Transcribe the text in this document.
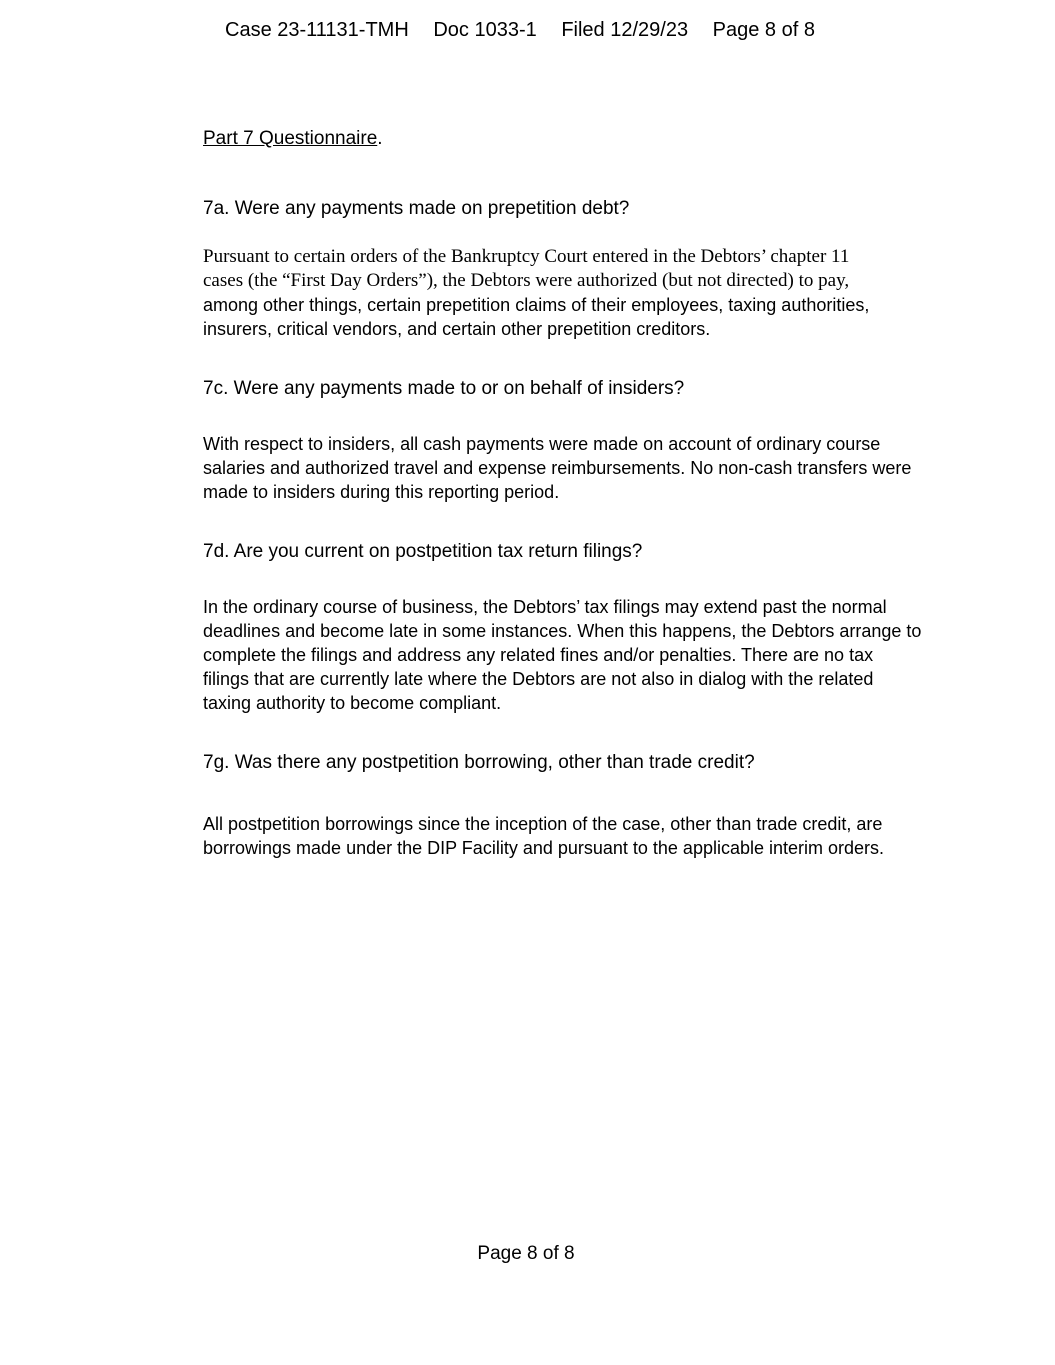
Case 23-11131-TMH Doc 1033-1 Filed 12/29/23 Page 8 of 8
Part 7 Questionnaire.
7a. Were any payments made on prepetition debt?
Pursuant to certain orders of the Bankruptcy Court entered in the Debtors’ chapter 11
cases (the “First Day Orders”), the Debtors were authorized (but not directed) to pay,
among other things, certain prepetition claims of their employees, taxing authorities,
insurers, critical vendors, and certain other prepetition creditors.
7c. Were any payments made to or on behalf of insiders?
With respect to insiders, all cash payments were made on account of ordinary course
salaries and authorized travel and expense reimbursements. No non-cash transfers were
made to insiders during this reporting period.
7d. Are you current on postpetition tax return filings?
In the ordinary course of business, the Debtors’ tax filings may extend past the normal
deadlines and become late in some instances. When this happens, the Debtors arrange to
complete the filings and address any related fines and/or penalties. There are no tax
filings that are currently late where the Debtors are not also in dialog with the related
taxing authority to become compliant.
7g. Was there any postpetition borrowing, other than trade credit?
All postpetition borrowings since the inception of the case, other than trade credit, are
borrowings made under the DIP Facility and pursuant to the applicable interim orders.
Page 8 of 8
